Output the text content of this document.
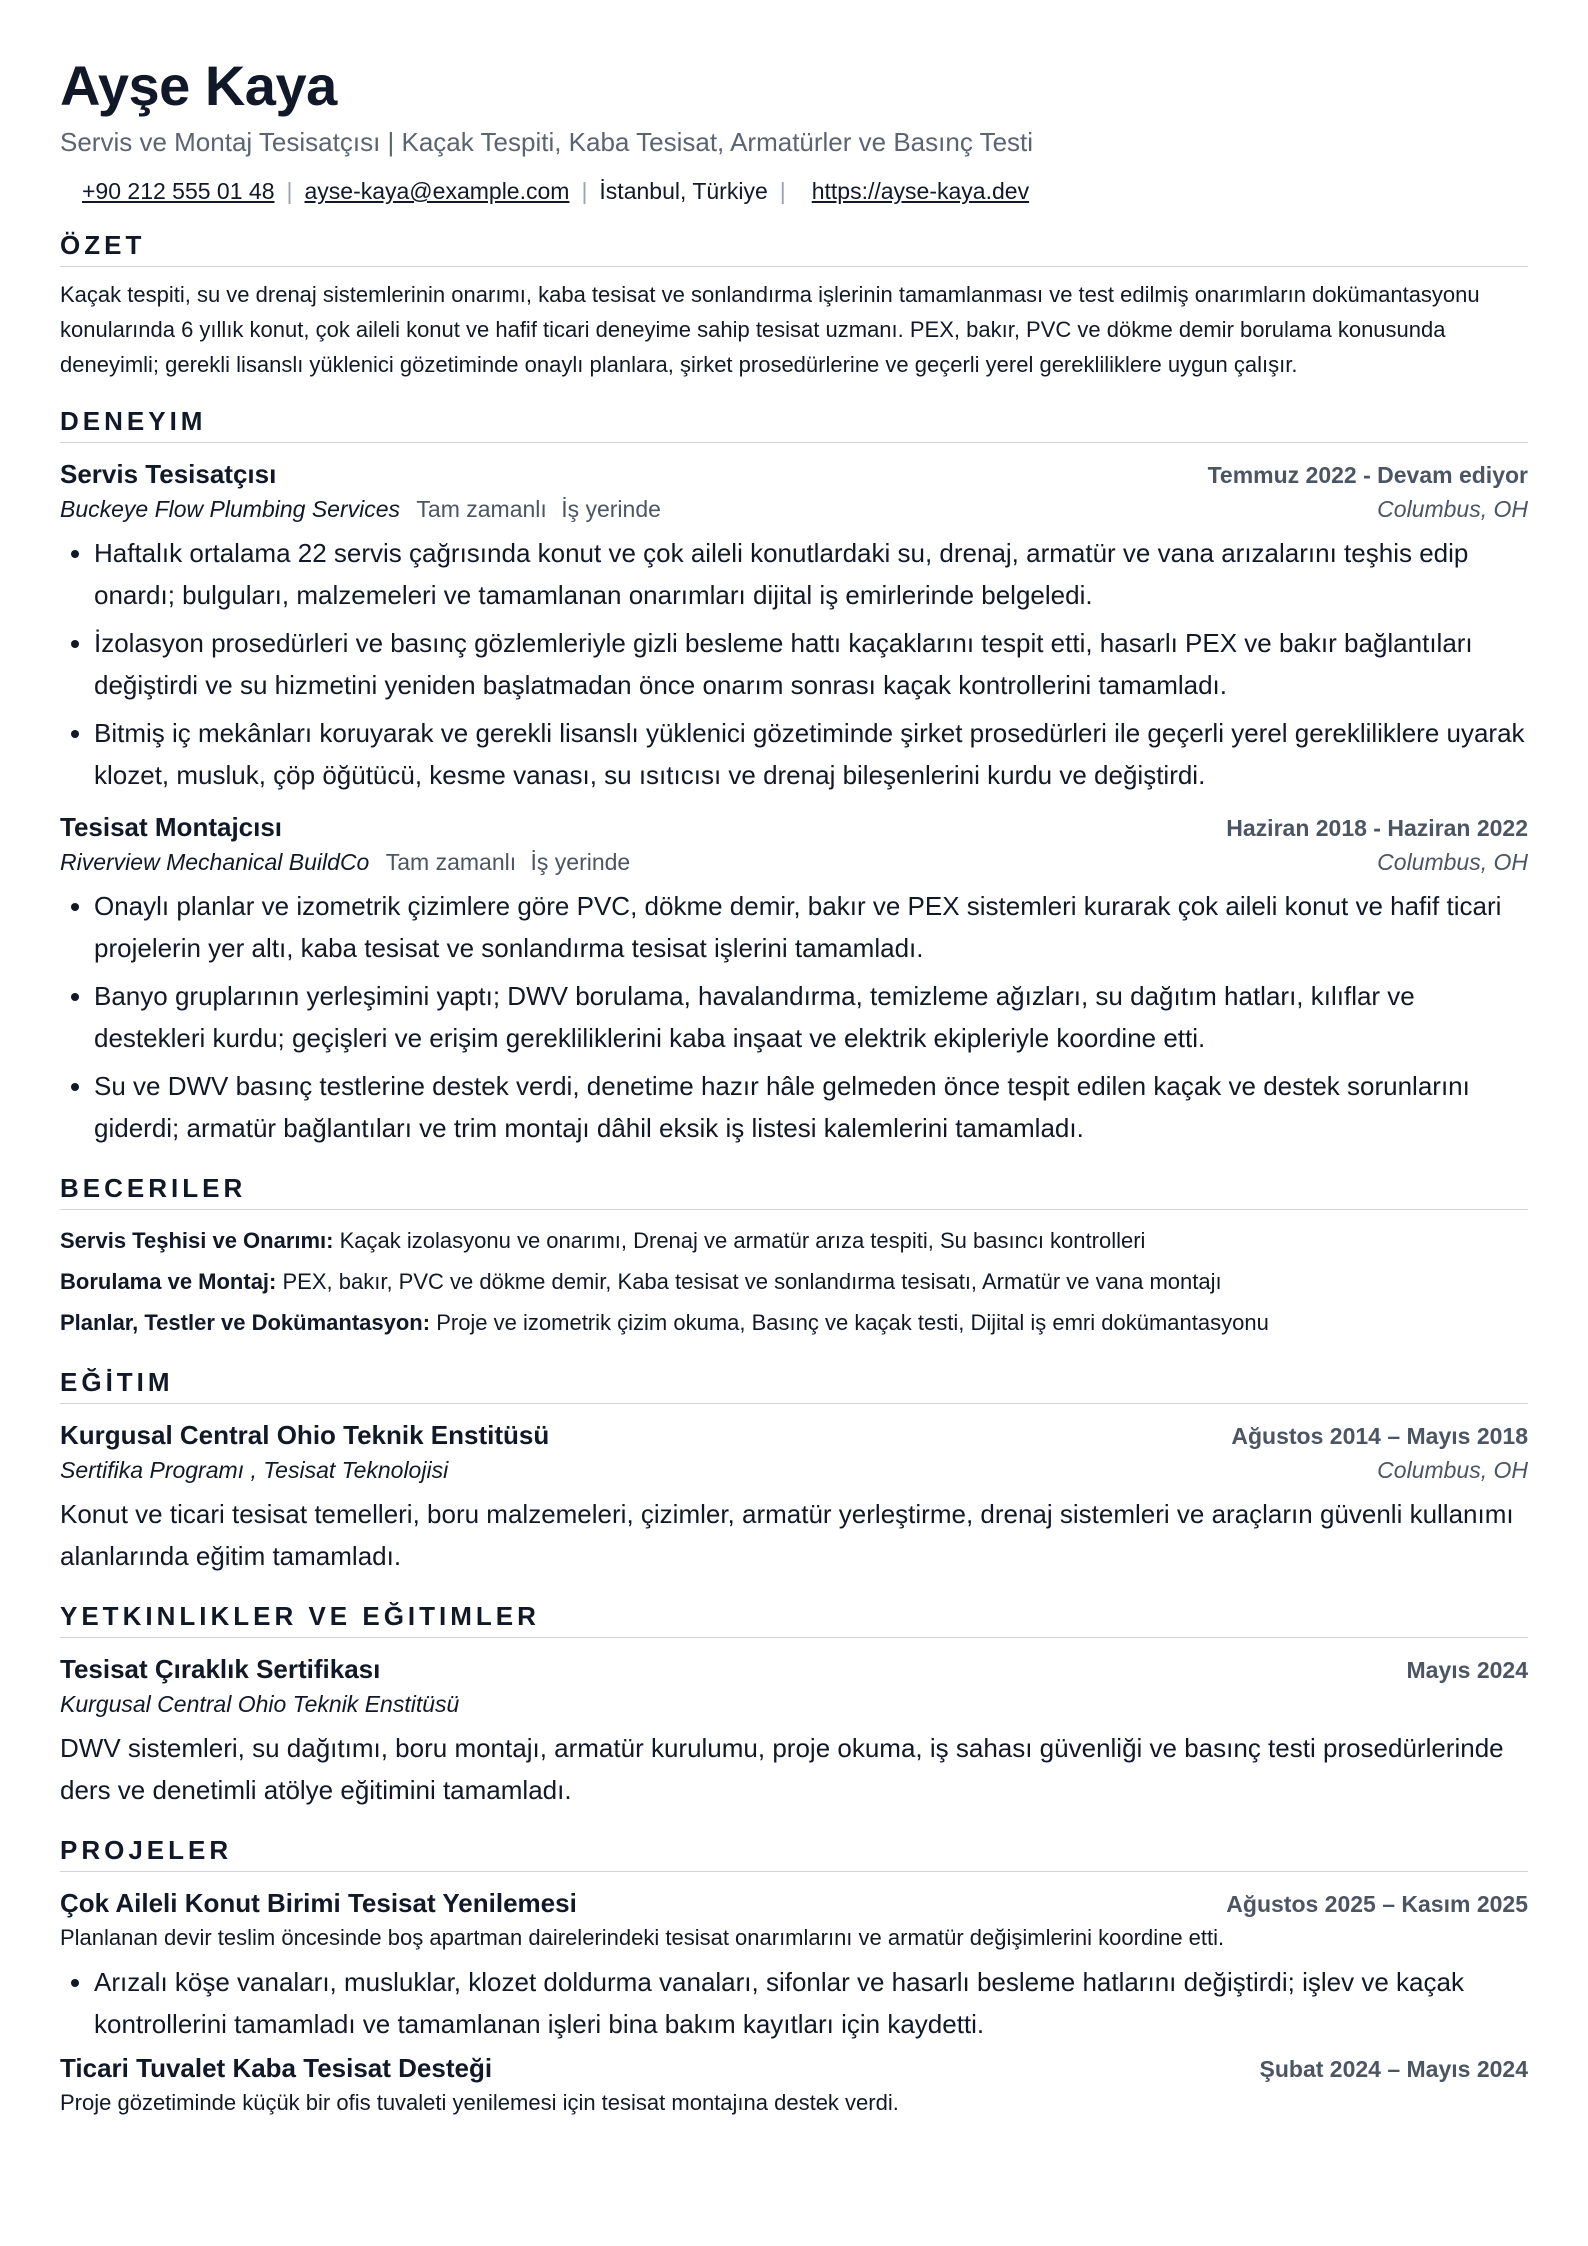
Ayşe Kaya
Servis ve Montaj Tesisatçısı | Kaçak Tespiti, Kaba Tesisat, Armatürler ve Basınç Testi
+90 212 555 01 48 | ayse-kaya@example.com | İstanbul, Türkiye | https://ayse-kaya.dev
ÖZET
Kaçak tespiti, su ve drenaj sistemlerinin onarımı, kaba tesisat ve sonlandırma işlerinin tamamlanması ve test edilmiş onarımların dokümantasyonu konularında 6 yıllık konut, çok aileli konut ve hafif ticari deneyime sahip tesisat uzmanı. PEX, bakır, PVC ve dökme demir borulama konusunda deneyimli; gerekli lisanslı yüklenici gözetiminde onaylı planlara, şirket prosedürlerine ve geçerli yerel gerekliliklere uygun çalışır.
DENEYIM
Servis Tesisatçısı	Temmuz 2022 - Devam ediyor
Buckeye Flow Plumbing Services Tam zamanlı İş yerinde	Columbus, OH
• Haftalık ortalama 22 servis çağrısında konut ve çok aileli konutlardaki su, drenaj, armatür ve vana arızalarını teşhis edip onardı; bulguları, malzemeleri ve tamamlanan onarımları dijital iş emirlerinde belgeledi.
• İzolasyon prosedürleri ve basınç gözlemleriyle gizli besleme hattı kaçaklarını tespit etti, hasarlı PEX ve bakır bağlantıları değiştirdi ve su hizmetini yeniden başlatmadan önce onarım sonrası kaçak kontrollerini tamamladı.
• Bitmiş iç mekânları koruyarak ve gerekli lisanslı yüklenici gözetiminde şirket prosedürleri ile geçerli yerel gerekliliklere uyarak klozet, musluk, çöp öğütücü, kesme vanası, su ısıtıcısı ve drenaj bileşenlerini kurdu ve değiştirdi.
Tesisat Montajcısı	Haziran 2018 - Haziran 2022
Riverview Mechanical BuildCo Tam zamanlı İş yerinde	Columbus, OH
• Onaylı planlar ve izometrik çizimlere göre PVC, dökme demir, bakır ve PEX sistemleri kurarak çok aileli konut ve hafif ticari projelerin yer altı, kaba tesisat ve sonlandırma tesisat işlerini tamamladı.
• Banyo gruplarının yerleşimini yaptı; DWV borulama, havalandırma, temizleme ağızları, su dağıtım hatları, kılıflar ve destekleri kurdu; geçişleri ve erişim gerekliliklerini kaba inşaat ve elektrik ekipleriyle koordine etti.
• Su ve DWV basınç testlerine destek verdi, denetime hazır hâle gelmeden önce tespit edilen kaçak ve destek sorunlarını giderdi; armatür bağlantıları ve trim montajı dâhil eksik iş listesi kalemlerini tamamladı.
BECERILER
Servis Teşhisi ve Onarımı: Kaçak izolasyonu ve onarımı, Drenaj ve armatür arıza tespiti, Su basıncı kontrolleri
Borulama ve Montaj: PEX, bakır, PVC ve dökme demir, Kaba tesisat ve sonlandırma tesisatı, Armatür ve vana montajı
Planlar, Testler ve Dokümantasyon: Proje ve izometrik çizim okuma, Basınç ve kaçak testi, Dijital iş emri dokümantasyonu
EĞİTIM
Kurgusal Central Ohio Teknik Enstitüsü	Ağustos 2014 – Mayıs 2018
Sertifika Programı , Tesisat Teknolojisi	Columbus, OH
Konut ve ticari tesisat temelleri, boru malzemeleri, çizimler, armatür yerleştirme, drenaj sistemleri ve araçların güvenli kullanımı alanlarında eğitim tamamladı.
YETKINLIKLER VE EĞITIMLER
Tesisat Çıraklık Sertifikası	Mayıs 2024
Kurgusal Central Ohio Teknik Enstitüsü
DWV sistemleri, su dağıtımı, boru montajı, armatür kurulumu, proje okuma, iş sahası güvenliği ve basınç testi prosedürlerinde ders ve denetimli atölye eğitimini tamamladı.
PROJELER
Çok Aileli Konut Birimi Tesisat Yenilemesi	Ağustos 2025 – Kasım 2025
Planlanan devir teslim öncesinde boş apartman dairelerindeki tesisat onarımlarını ve armatür değişimlerini koordine etti.
• Arızalı köşe vanaları, musluklar, klozet doldurma vanaları, sifonlar ve hasarlı besleme hatlarını değiştirdi; işlev ve kaçak kontrollerini tamamladı ve tamamlanan işleri bina bakım kayıtları için kaydetti.
Ticari Tuvalet Kaba Tesisat Desteği	Şubat 2024 – Mayıs 2024
Proje gözetiminde küçük bir ofis tuvaleti yenilemesi için tesisat montajına destek verdi.
